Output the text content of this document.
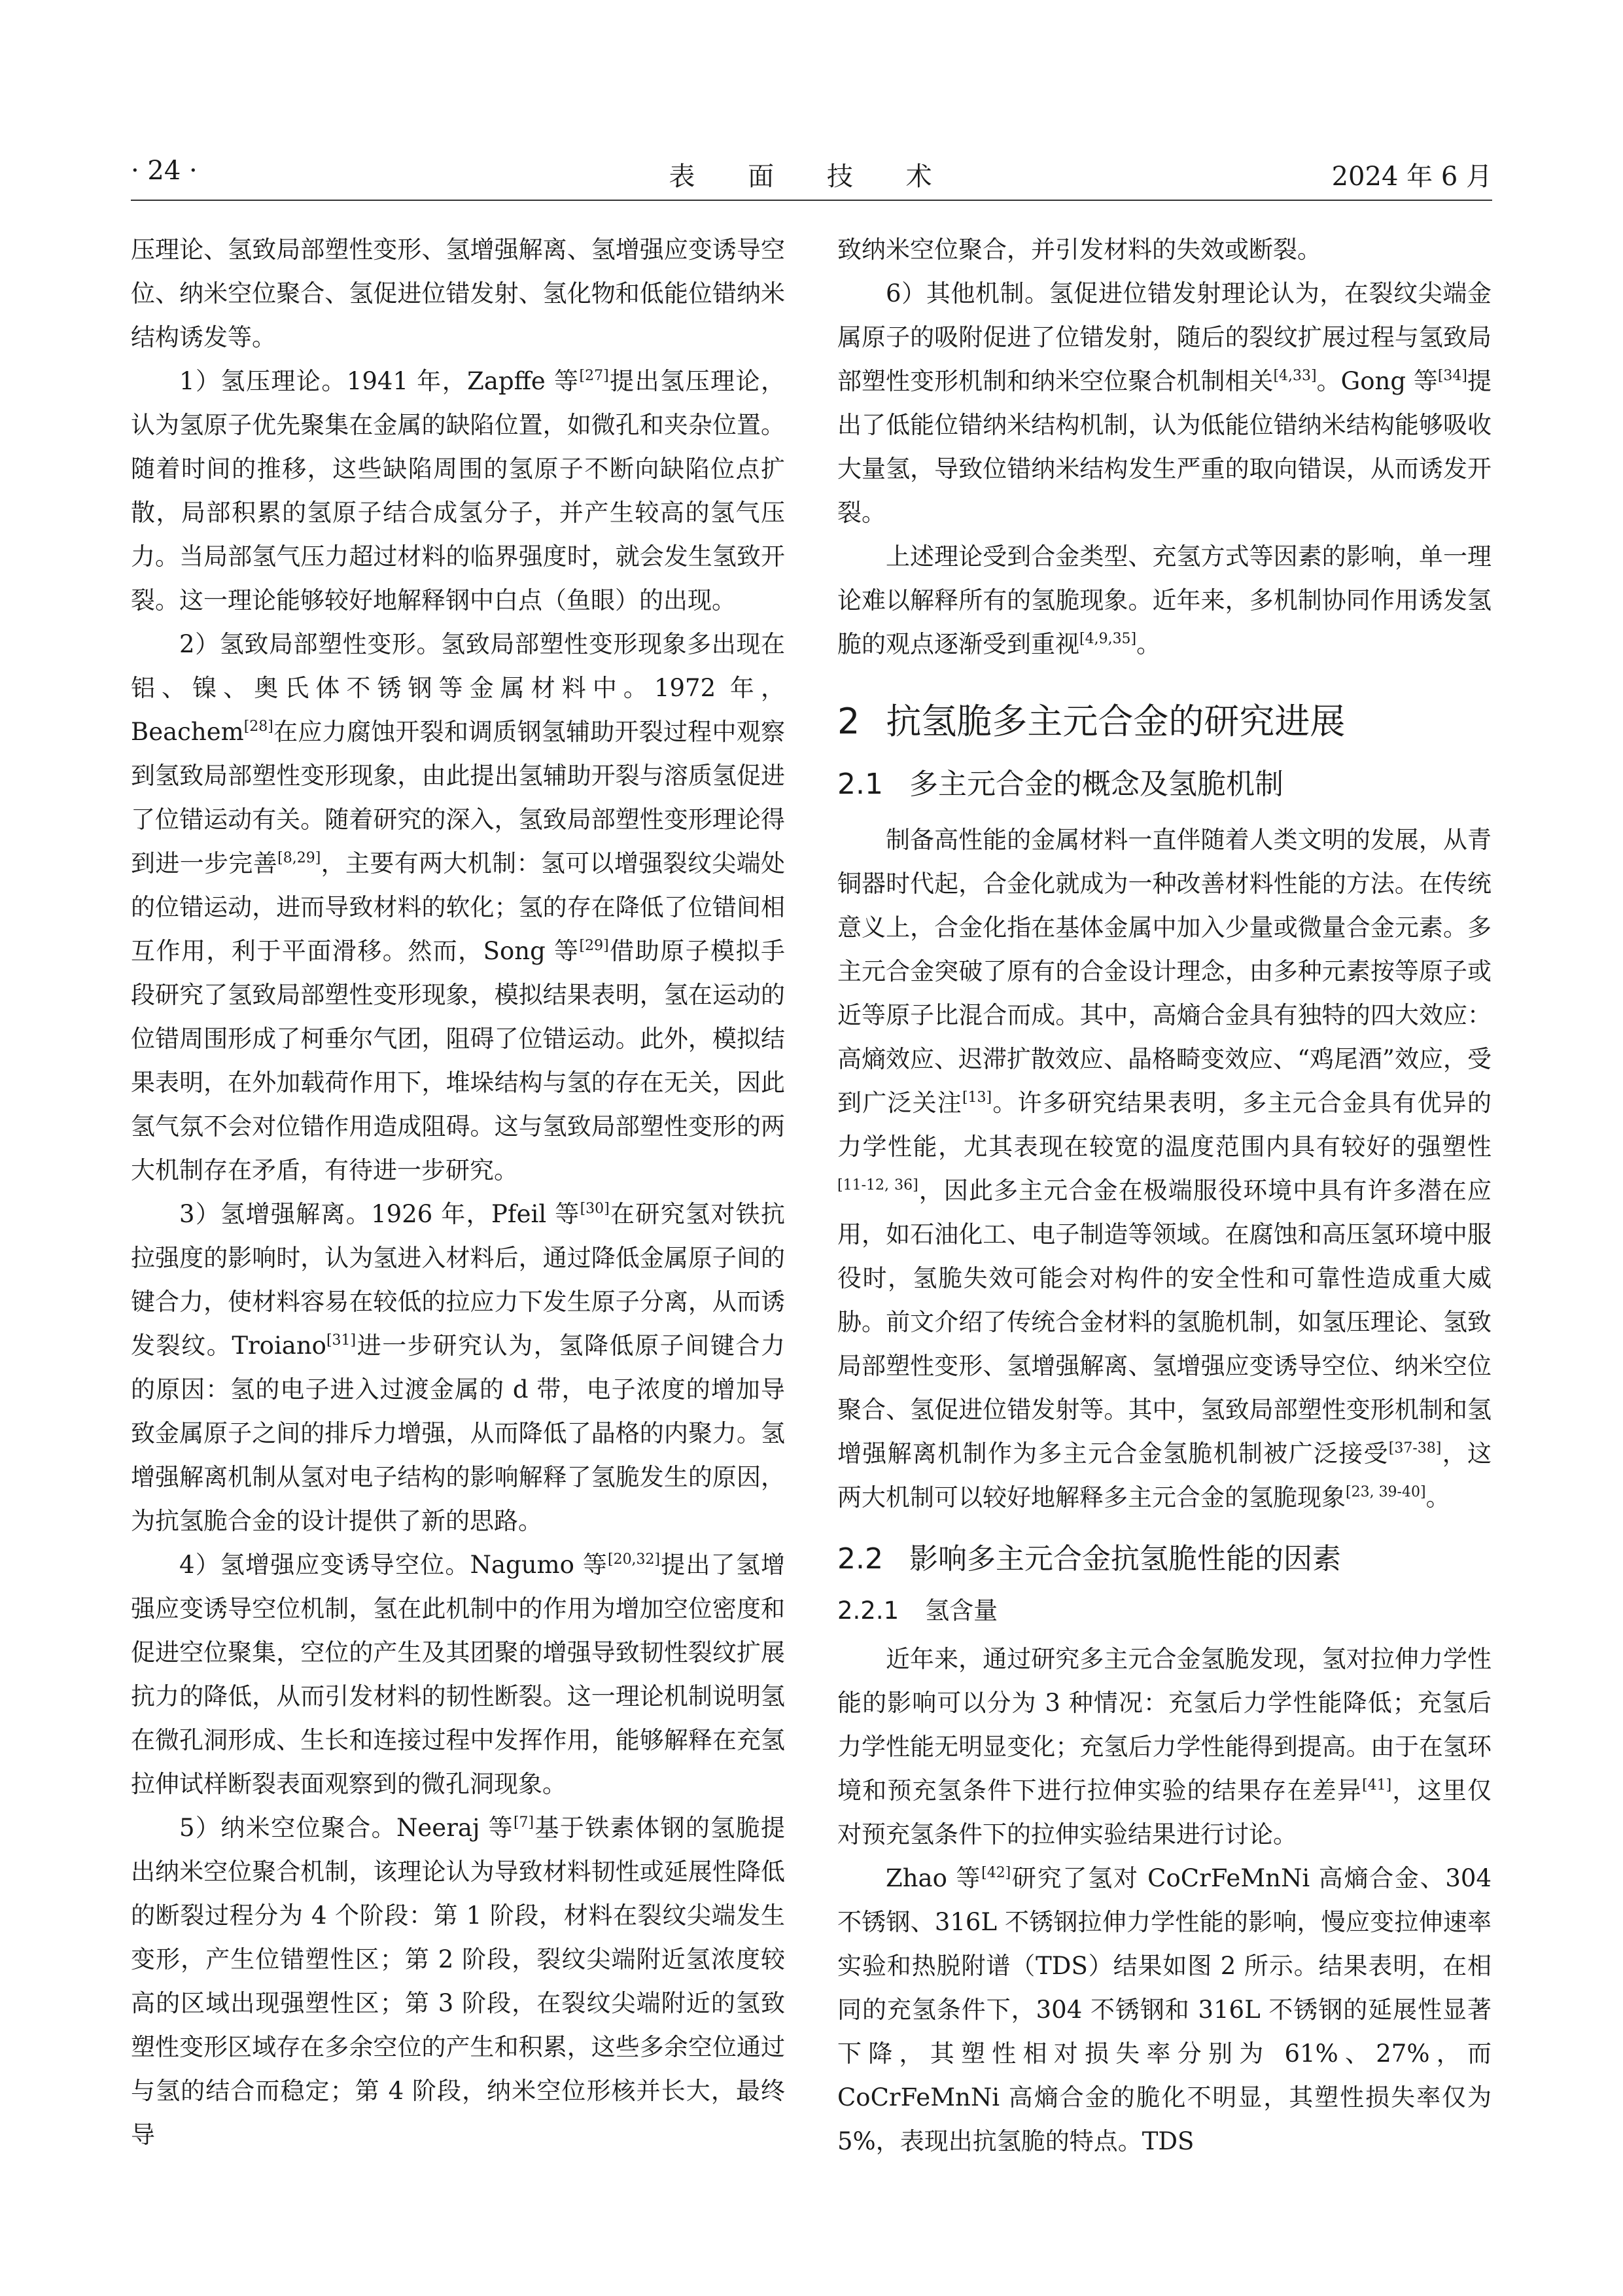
· 24 ·	表 面 技 术	2024 年 6 月

压理论、氢致局部塑性变形、氢增强解离、氢增强应变诱导空位、纳米空位聚合、氢促进位错发射、氢化物和低能位错纳米结构诱发等。

1）氢压理论。1941 年，Zapffe 等[27]提出氢压理论，认为氢原子优先聚集在金属的缺陷位置，如微孔和夹杂位置。随着时间的推移，这些缺陷周围的氢原子不断向缺陷位点扩散，局部积累的氢原子结合成氢分子，并产生较高的氢气压力。当局部氢气压力超过材料的临界强度时，就会发生氢致开裂。这一理论能够较好地解释钢中白点（鱼眼）的出现。

2）氢致局部塑性变形。氢致局部塑性变形现象多出现在铝、镍、奥氏体不锈钢等金属材料中。1972 年，Beachem[28]在应力腐蚀开裂和调质钢氢辅助开裂过程中观察到氢致局部塑性变形现象，由此提出氢辅助开裂与溶质氢促进了位错运动有关。随着研究的深入，氢致局部塑性变形理论得到进一步完善[8,29]，主要有两大机制：氢可以增强裂纹尖端处的位错运动，进而导致材料的软化；氢的存在降低了位错间相互作用，利于平面滑移。然而，Song 等[29]借助原子模拟手段研究了氢致局部塑性变形现象，模拟结果表明，氢在运动的位错周围形成了柯垂尔气团，阻碍了位错运动。此外，模拟结果表明，在外加载荷作用下，堆垛结构与氢的存在无关，因此氢气氛不会对位错作用造成阻碍。这与氢致局部塑性变形的两大机制存在矛盾，有待进一步研究。

3）氢增强解离。1926 年，Pfeil 等[30]在研究氢对铁抗拉强度的影响时，认为氢进入材料后，通过降低金属原子间的键合力，使材料容易在较低的拉应力下发生原子分离，从而诱发裂纹。Troiano[31]进一步研究认为，氢降低原子间键合力的原因：氢的电子进入过渡金属的 d 带，电子浓度的增加导致金属原子之间的排斥力增强，从而降低了晶格的内聚力。氢增强解离机制从氢对电子结构的影响解释了氢脆发生的原因，为抗氢脆合金的设计提供了新的思路。

4）氢增强应变诱导空位。Nagumo 等[20,32]提出了氢增强应变诱导空位机制，氢在此机制中的作用为增加空位密度和促进空位聚集，空位的产生及其团聚的增强导致韧性裂纹扩展抗力的降低，从而引发材料的韧性断裂。这一理论机制说明氢在微孔洞形成、生长和连接过程中发挥作用，能够解释在充氢拉伸试样断裂表面观察到的微孔洞现象。

5）纳米空位聚合。Neeraj 等[7]基于铁素体钢的氢脆提出纳米空位聚合机制，该理论认为导致材料韧性或延展性降低的断裂过程分为 4 个阶段：第 1 阶段，材料在裂纹尖端发生变形，产生位错塑性区；第 2 阶段，裂纹尖端附近氢浓度较高的区域出现强塑性区；第 3 阶段，在裂纹尖端附近的氢致塑性变形区域存在多余空位的产生和积累，这些多余空位通过与氢的结合而稳定；第 4 阶段，纳米空位形核并长大，最终导

致纳米空位聚合，并引发材料的失效或断裂。

6）其他机制。氢促进位错发射理论认为，在裂纹尖端金属原子的吸附促进了位错发射，随后的裂纹扩展过程与氢致局部塑性变形机制和纳米空位聚合机制相关[4,33]。Gong 等[34]提出了低能位错纳米结构机制，认为低能位错纳米结构能够吸收大量氢，导致位错纳米结构发生严重的取向错误，从而诱发开裂。

上述理论受到合金类型、充氢方式等因素的影响，单一理论难以解释所有的氢脆现象。近年来，多机制协同作用诱发氢脆的观点逐渐受到重视[4,9,35]。

2 抗氢脆多主元合金的研究进展
2.1 多主元合金的概念及氢脆机制

制备高性能的金属材料一直伴随着人类文明的发展，从青铜器时代起，合金化就成为一种改善材料性能的方法。在传统意义上，合金化指在基体金属中加入少量或微量合金元素。多主元合金突破了原有的合金设计理念，由多种元素按等原子或近等原子比混合而成。其中，高熵合金具有独特的四大效应：高熵效应、迟滞扩散效应、晶格畸变效应、“鸡尾酒”效应，受到广泛关注[13]。许多研究结果表明，多主元合金具有优异的力学性能，尤其表现在较宽的温度范围内具有较好的强塑性[11-12, 36]，因此多主元合金在极端服役环境中具有许多潜在应用，如石油化工、电子制造等领域。在腐蚀和高压氢环境中服役时，氢脆失效可能会对构件的安全性和可靠性造成重大威胁。前文介绍了传统合金材料的氢脆机制，如氢压理论、氢致局部塑性变形、氢增强解离、氢增强应变诱导空位、纳米空位聚合、氢促进位错发射等。其中，氢致局部塑性变形机制和氢增强解离机制作为多主元合金氢脆机制被广泛接受[37-38]，这两大机制可以较好地解释多主元合金的氢脆现象[23, 39-40]。

2.2 影响多主元合金抗氢脆性能的因素
2.2.1 氢含量

近年来，通过研究多主元合金氢脆发现，氢对拉伸力学性能的影响可以分为 3 种情况：充氢后力学性能降低；充氢后力学性能无明显变化；充氢后力学性能得到提高。由于在氢环境和预充氢条件下进行拉伸实验的结果存在差异[41]，这里仅对预充氢条件下的拉伸实验结果进行讨论。

Zhao 等[42]研究了氢对 CoCrFeMnNi 高熵合金、304 不锈钢、316L 不锈钢拉伸力学性能的影响，慢应变拉伸速率实验和热脱附谱（TDS）结果如图 2 所示。结果表明，在相同的充氢条件下，304 不锈钢和 316L 不锈钢的延展性显著下降，其塑性相对损失率分别为 61%、27%，而 CoCrFeMnNi 高熵合金的脆化不明显，其塑性损失率仅为 5%，表现出抗氢脆的特点。TDS
